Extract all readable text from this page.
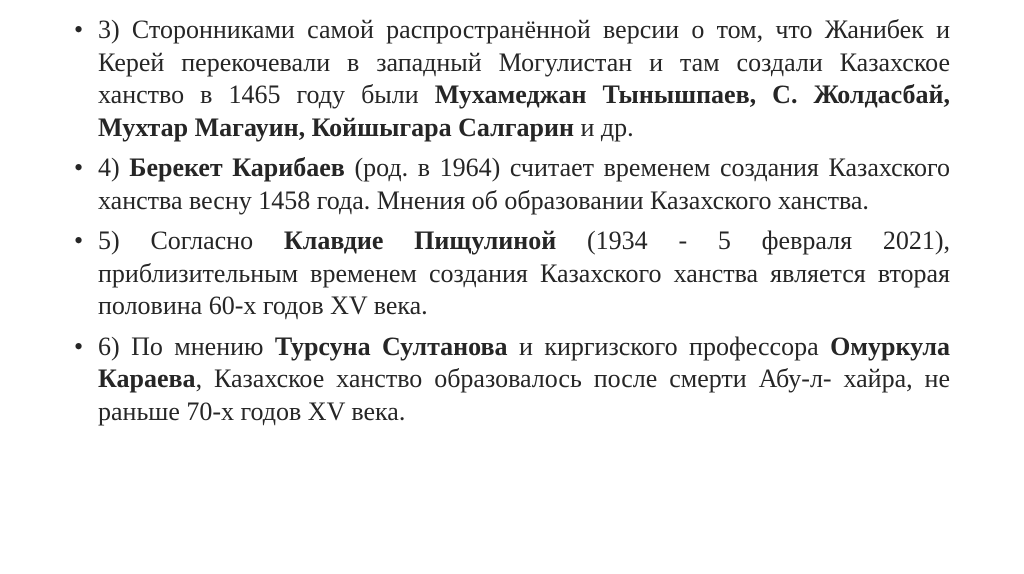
• 3) Сторонниками самой распространённой версии о том, что Жанибек и Керей перекочевали в западный Могулистан и там создали Казахское ханство в 1465 году были Мухамеджан Тынышпаев, С. Жолдасбай, Мухтар Магауин, Койшыгара Салгарин и др.
• 4) Берекет Карибаев (род. в 1964) считает временем создания Казахского ханства весну 1458 года. Мнения об образовании Казахского ханства.
• 5) Согласно Клавдие Пищулиной (1934 - 5 февраля 2021), приблизительным временем создания Казахского ханства является вторая половина 60-х годов XV века.
• 6) По мнению Турсуна Султанова и киргизского профессора Омуркула Караева, Казахское ханство образовалось после смерти Абу-л- хайра, не раньше 70-х годов XV века.
